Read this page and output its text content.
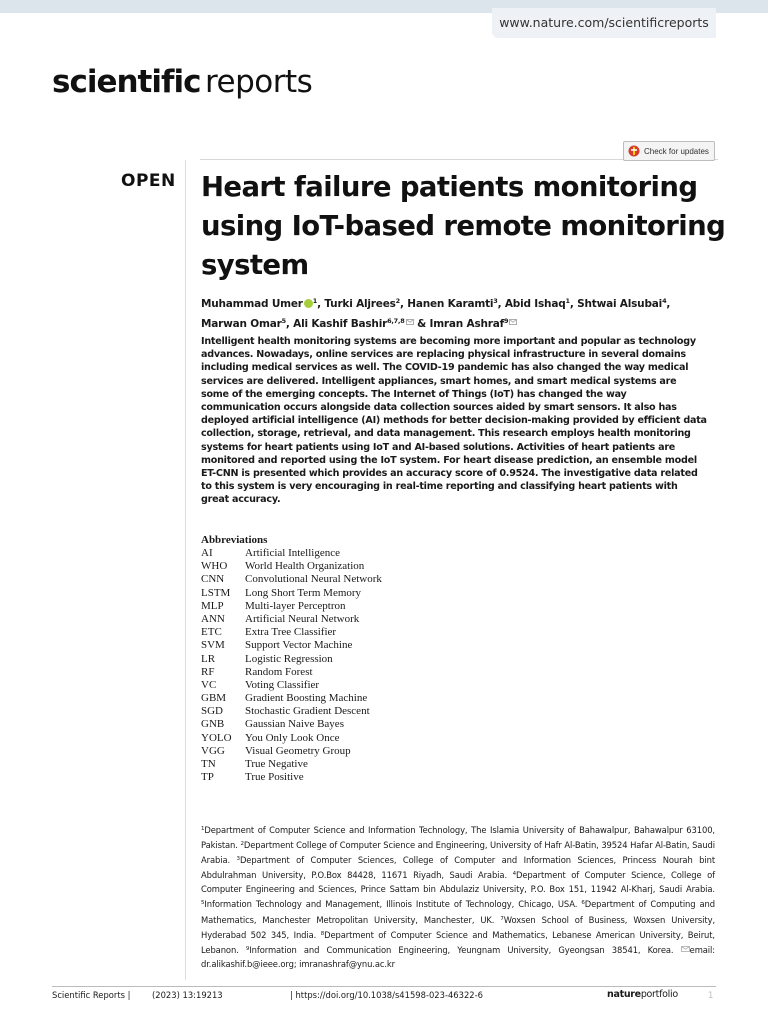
www.nature.com/scientificreports
scientific reports
Check for updates
OPEN Heart failure patients monitoring using IoT-based remote monitoring system
Muhammad Umer $^1$, Turki Aljrees$^2$, Hanen Karamti$^3$, Abid Ishaq$^1$, Shtwai Alsubai$^4$,
Marwan Omar$^5$, Ali Kashif Bashir$^{6,7,8}$ & Imran Ashraf$^9$

Intelligent health monitoring systems are becoming more important and popular as technology advances. Nowadays, online services are replacing physical infrastructure in several domains including medical services as well. The COVID-19 pandemic has also changed the way medical services are delivered. Intelligent appliances, smart homes, and smart medical systems are some of the emerging concepts. The Internet of Things (IoT) has changed the way communication occurs alongside data collection sources aided by smart sensors. It also has deployed artificial intelligence (AI) methods for better decision-making provided by efficient data collection, storage, retrieval, and data management. This research employs health monitoring systems for heart patients using IoT and AI-based solutions. Activities of heart patients are monitored and reported using the IoT system. For heart disease prediction, an ensemble model ET-CNN is presented which provides an accuracy score of 0.9524. The investigative data related to this system is very encouraging in real-time reporting and classifying heart patients with great accuracy.

Abbreviations
AI	Artificial Intelligence
WHO	World Health Organization
CNN	Convolutional Neural Network
LSTM	Long Short Term Memory
MLP	Multi-layer Perceptron
ANN	Artificial Neural Network
ETC	Extra Tree Classifier
SVM	Support Vector Machine
LR	Logistic Regression
RF	Random Forest
VC	Voting Classifier
GBM	Gradient Boosting Machine
SGD	Stochastic Gradient Descent
GNB	Gaussian Naive Bayes
YOLO	You Only Look Once
VGG	Visual Geometry Group
TN	True Negative
TP	True Positive

$^1$Department of Computer Science and Information Technology, The Islamia University of Bahawalpur, Bahawalpur 63100, Pakistan. $^2$Department College of Computer Science and Engineering, University of Hafr Al-Batin, 39524 Hafar Al-Batin, Saudi Arabia. $^3$Department of Computer Sciences, College of Computer and Information Sciences, Princess Nourah bint Abdulrahman University, P.O.Box 84428, 11671 Riyadh, Saudi Arabia. $^4$Department of Computer Science, College of Computer Engineering and Sciences, Prince Sattam bin Abdulaziz University, P.O. Box 151, 11942 Al-Kharj, Saudi Arabia. $^5$Information Technology and Management, Illinois Institute of Technology, Chicago, USA. $^6$Department of Computing and Mathematics, Manchester Metropolitan University, Manchester, UK. $^7$Woxsen School of Business, Woxsen University, Hyderabad 502 345, India. $^8$Department of Computer Science and Mathematics, Lebanese American University, Beirut, Lebanon. $^9$Information and Communication Engineering, Yeungnam University, Gyeongsan 38541, Korea. email: dr.alikashif.b@ieee.org; imranashraf@ynu.ac.kr

Scientific Reports |	(2023) 13:19213	| https://doi.org/10.1038/s41598-023-46322-6	natureportfolio	1
